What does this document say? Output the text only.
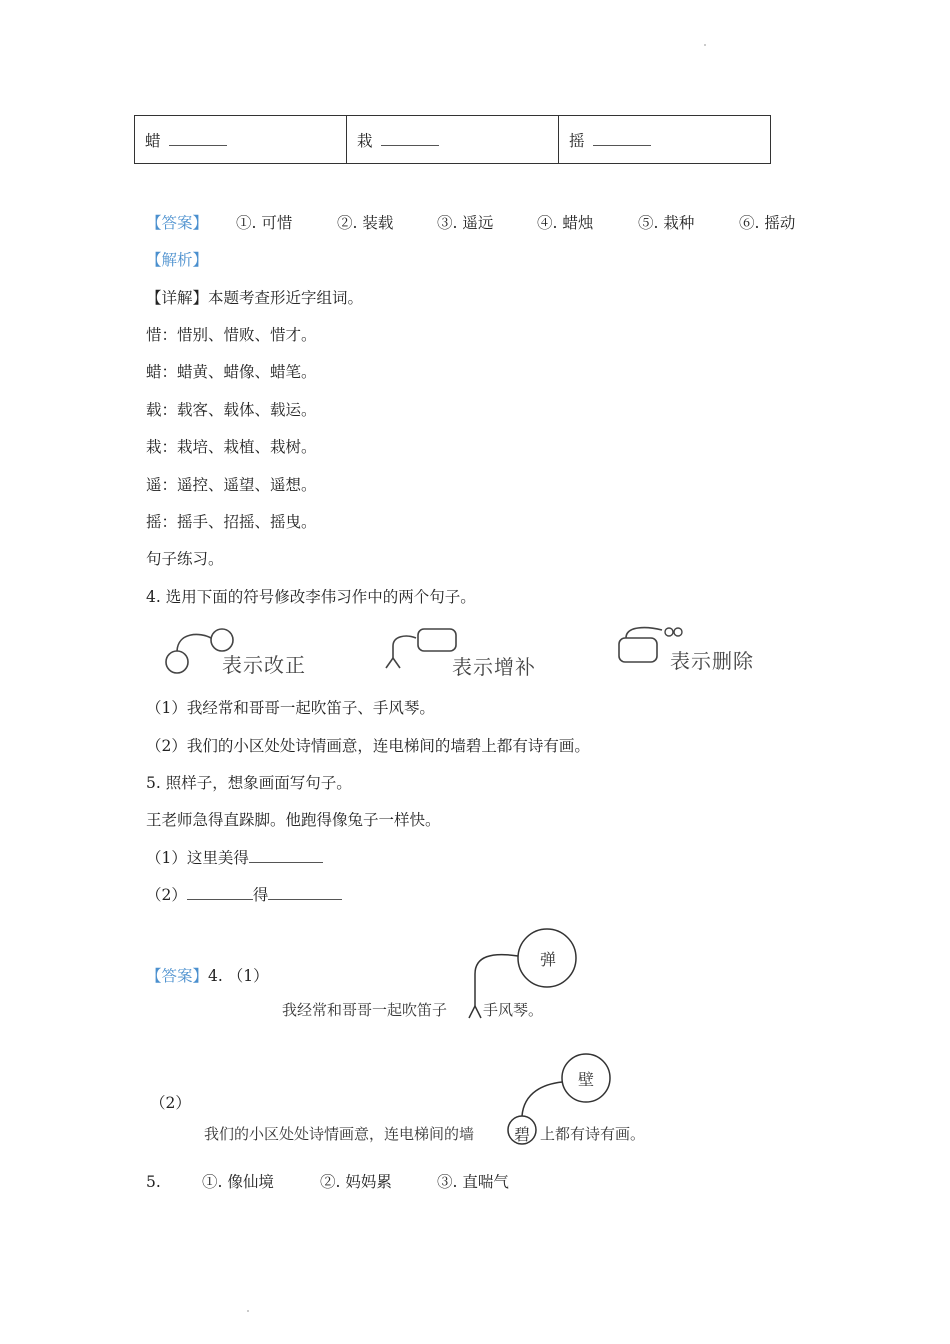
蜡	栽	摇
【答案】 ①. 可惜	②. 装载	③. 遥远	④. 蜡烛	⑤. 栽种	⑥. 摇动
【解析】
【详解】本题考查形近字组词。
惜：惜别、惜败、惜才。
蜡：蜡黄、蜡像、蜡笔。
载：载客、载体、载运。
栽：栽培、栽植、栽树。
遥：遥控、遥望、遥想。
摇：摇手、招摇、摇曳。
句子练习。
4. 选用下面的符号修改李伟习作中的两个句子。
表示改正	表示增补	表示删除
（1）我经常和哥哥一起吹笛子、手风琴。
（2）我们的小区处处诗情画意，连电梯间的墙碧上都有诗有画。
5. 照样子，想象画面写句子。
王老师急得直跺脚。他跑得像兔子一样快。
（1）这里美得
（2）	得
【答案】4. （1）
我经常和哥哥一起吹笛子 手风琴。
弹
（2）
我们的小区处处诗情画意，连电梯间的墙 碧 上都有诗有画。
壁
5.	①. 像仙境	②. 妈妈累	③. 直喘气
